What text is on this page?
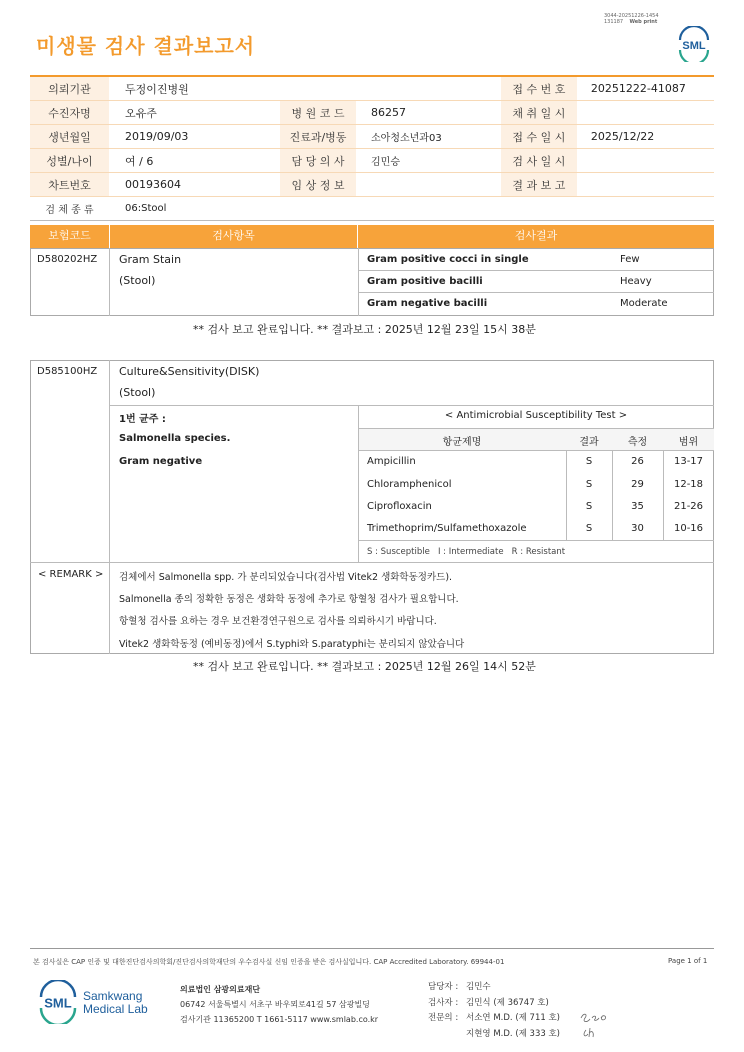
미생물 검사 결과보고서
3044-20251226-1454
131187 Web print
SML
의뢰기관	두정이진병원				접 수 번 호	20251222-41087
수진자명	오유주	병 원 코 드	86257		채 취 일 시	
생년월일	2019/09/03	진료과/병동	소아청소년과03		접 수 일 시	2025/12/22
성별/나이	여 / 6	담 당 의 사	김민승		검 사 일 시	
차트번호	00193604	임 상 정 보			결 과 보 고	
검 체 종 류	06:Stool					
보험코드	검사항목	검사결과
D580202HZ Gram Stain
(Stool)
Gram positive cocci in single	Few
Gram positive bacilli	Heavy
Gram negative bacilli	Moderate
** 검사 보고 완료입니다. ** 결과보고 : 2025년 12월 23일 15시 38분
D585100HZ Culture&Sensitivity(DISK)
(Stool)
1번 균주 :
Salmonella species.
Gram negative
< Antimicrobial Susceptibility Test >
항균제명	결과	측정	범위
Ampicillin	S	26	13-17
Chloramphenicol	S	29	12-18
Ciprofloxacin	S	35	21-26
Trimethoprim/Sulfamethoxazole	S	30	10-16
S : Susceptible   I : Intermediate   R : Resistant
< REMARK > 검체에서 Salmonella spp. 가 분리되었습니다(검사법 Vitek2 생화학동정카드).
Salmonella 종의 정확한 동정은 생화학 동정에 추가로 항혈청 검사가 필요합니다.
항혈청 검사를 요하는 경우 보건환경연구원으로 검사를 의뢰하시기 바랍니다.
Vitek2 생화학동정 (예비동정)에서 S.typhi와 S.paratyphi는 분리되지 않았습니다
** 검사 보고 완료입니다. ** 결과보고 : 2025년 12월 26일 14시 52분
본 검사실은 CAP 인증 및 대한진단검사의학회/진단검사의학재단의 우수검사실 신임 인증을 받은 검사실입니다. CAP Accredited Laboratory. 69944-01	Page 1 of 1
SML Samkwang
Medical Lab
의료법인 삼광의료재단
06742 서울특별시 서초구 바우뫼로41길 57 삼광빌딩
검사기관 11365200 T 1661-5117 www.smlab.co.kr
담당자 : 김민수
검사자 : 김민식 (제 36747 호)
전문의 : 서소연 M.D. (제 711 호)
지현영 M.D. (제 333 호)
